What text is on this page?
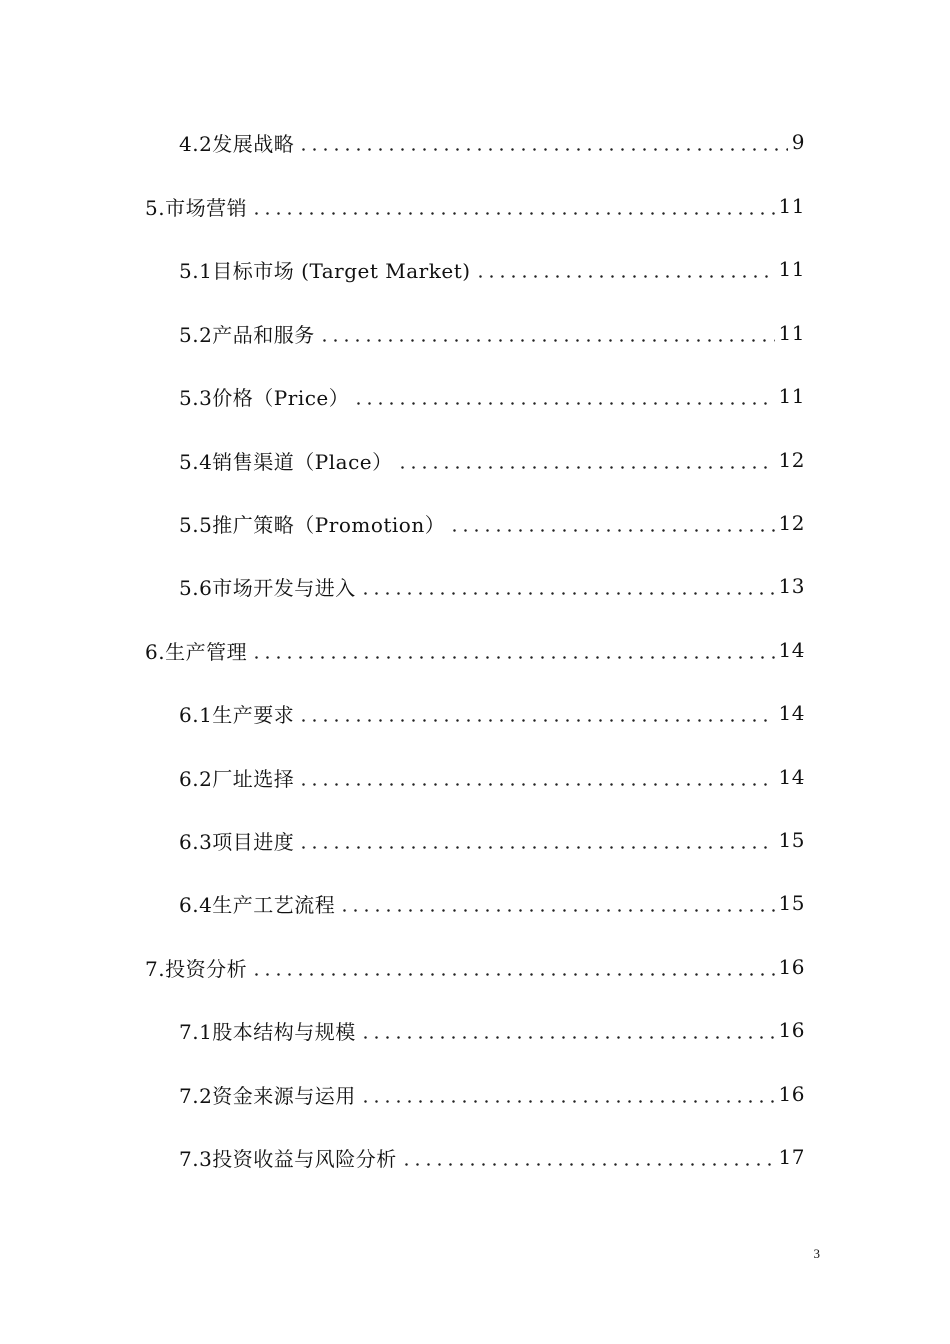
4.2发展战略	9
5.市场营销	11
5.1目标市场 (Target Market)	11
5.2产品和服务	11
5.3价格（Price）	11
5.4销售渠道（Place）	12
5.5推广策略（Promotion）	12
5.6市场开发与进入	13
6.生产管理	14
6.1生产要求	14
6.2厂址选择	14
6.3项目进度	15
6.4生产工艺流程	15
7.投资分析	16
7.1股本结构与规模	16
7.2资金来源与运用	16
7.3投资收益与风险分析	17
3
